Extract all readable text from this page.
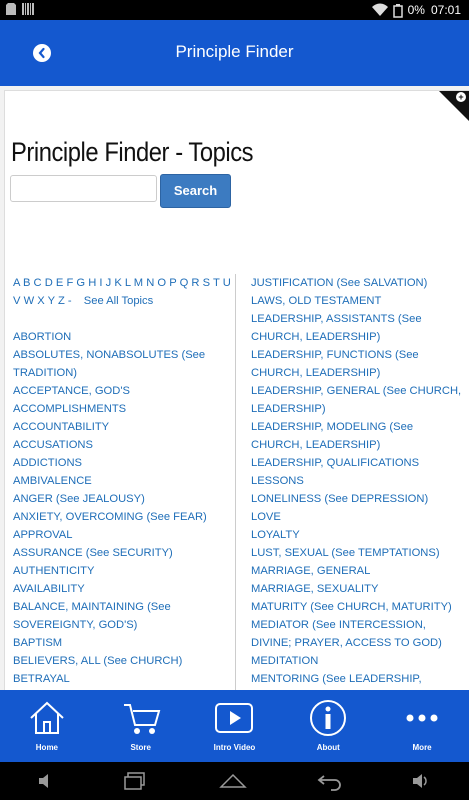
0% 07:01
Principle Finder
+
Principle Finder - Topics
Search
A B C D E F G H I J K L M N O P Q R S T U
V W X Y Z - See All Topics
ABORTION
ABSOLUTES, NONABSOLUTES (See TRADITION)
ACCEPTANCE, GOD'S
ACCOMPLISHMENTS
ACCOUNTABILITY
ACCUSATIONS
ADDICTIONS
AMBIVALENCE
ANGER (See JEALOUSY)
ANXIETY, OVERCOMING (See FEAR)
APPROVAL
ASSURANCE (See SECURITY)
AUTHENTICITY
AVAILABILITY
BALANCE, MAINTAINING (See SOVEREIGNTY, GOD'S)
BAPTISM
BELIEVERS, ALL (See CHURCH)
BETRAYAL
JUSTIFICATION (See SALVATION)
LAWS, OLD TESTAMENT
LEADERSHIP, ASSISTANTS (See CHURCH, LEADERSHIP)
LEADERSHIP, FUNCTIONS (See CHURCH, LEADERSHIP)
LEADERSHIP, GENERAL (See CHURCH, LEADERSHIP)
LEADERSHIP, MODELING (See CHURCH, LEADERSHIP)
LEADERSHIP, QUALIFICATIONS
LESSONS
LONELINESS (See DEPRESSION)
LOVE
LOYALTY
LUST, SEXUAL (See TEMPTATIONS)
MARRIAGE, GENERAL
MARRIAGE, SEXUALITY
MATURITY (See CHURCH, MATURITY)
MEDIATOR (See INTERCESSION, DIVINE; PRAYER, ACCESS TO GOD)
MEDITATION
MENTORING (See LEADERSHIP,
Home	Store	Intro Video	About	More
